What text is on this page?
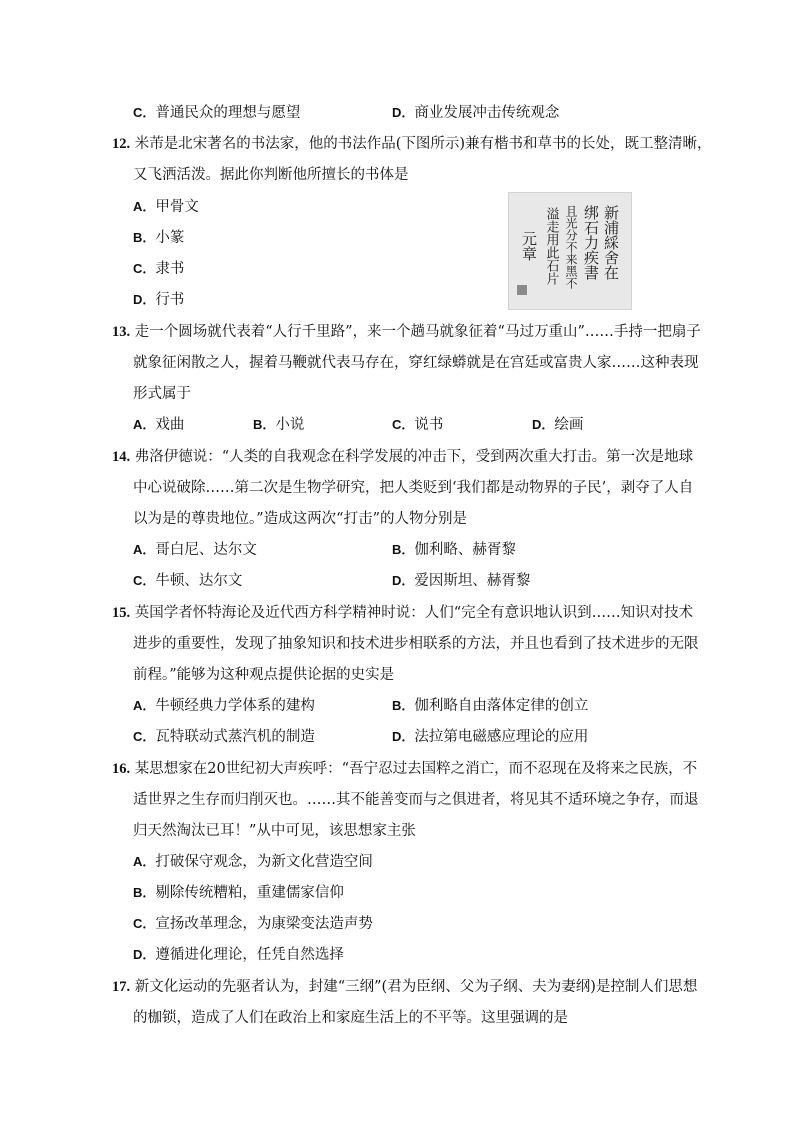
C．普通民众的理想与愿望	D．商业发展冲击传统观念
12. 米芾是北宋著名的书法家，他的书法作品(下图所示)兼有楷书和草书的长处，既工整清晰，
又飞洒活泼。据此你判断他所擅长的书体是
A．甲骨文
B．小篆
C．隶书
D．行书
新浦綵舍在
绑石力疾書
且光分不来黑不
溢走用此石片
元章
13. 走一个圆场就代表着“人行千里路”，来一个趟马就象征着“马过万重山”……手持一把扇子
就象征闲散之人，握着马鞭就代表马存在，穿红绿蟒就是在宫廷或富贵人家……这种表现
形式属于
A．戏曲	B．小说	C．说书	D．绘画
14. 弗洛伊德说：“人类的自我观念在科学发展的冲击下，受到两次重大打击。第一次是地球
中心说破除……第二次是生物学研究，把人类贬到‘我们都是动物界的子民’，剥夺了人自
以为是的尊贵地位。”造成这两次“打击”的人物分别是
A．哥白尼、达尔文	B．伽利略、赫胥黎
C．牛顿、达尔文	D．爱因斯坦、赫胥黎
15. 英国学者怀特海论及近代西方科学精神时说：人们“完全有意识地认识到……知识对技术
进步的重要性，发现了抽象知识和技术进步相联系的方法，并且也看到了技术进步的无限
前程。”能够为这种观点提供论据的史实是
A．牛顿经典力学体系的建构	B．伽利略自由落体定律的创立
C．瓦特联动式蒸汽机的制造	D．法拉第电磁感应理论的应用
16. 某思想家在20世纪初大声疾呼：“吾宁忍过去国粹之消亡，而不忍现在及将来之民族，不
适世界之生存而归削灭也。……其不能善变而与之俱进者，将见其不适环境之争存，而退
归天然淘汰已耳！”从中可见，该思想家主张
A．打破保守观念，为新文化营造空间
B．剔除传统糟粕，重建儒家信仰
C．宣扬改革理念，为康梁变法造声势
D．遵循进化理论，任凭自然选择
17. 新文化运动的先驱者认为，封建“三纲”(君为臣纲、父为子纲、夫为妻纲)是控制人们思想
的枷锁，造成了人们在政治上和家庭生活上的不平等。这里强调的是
